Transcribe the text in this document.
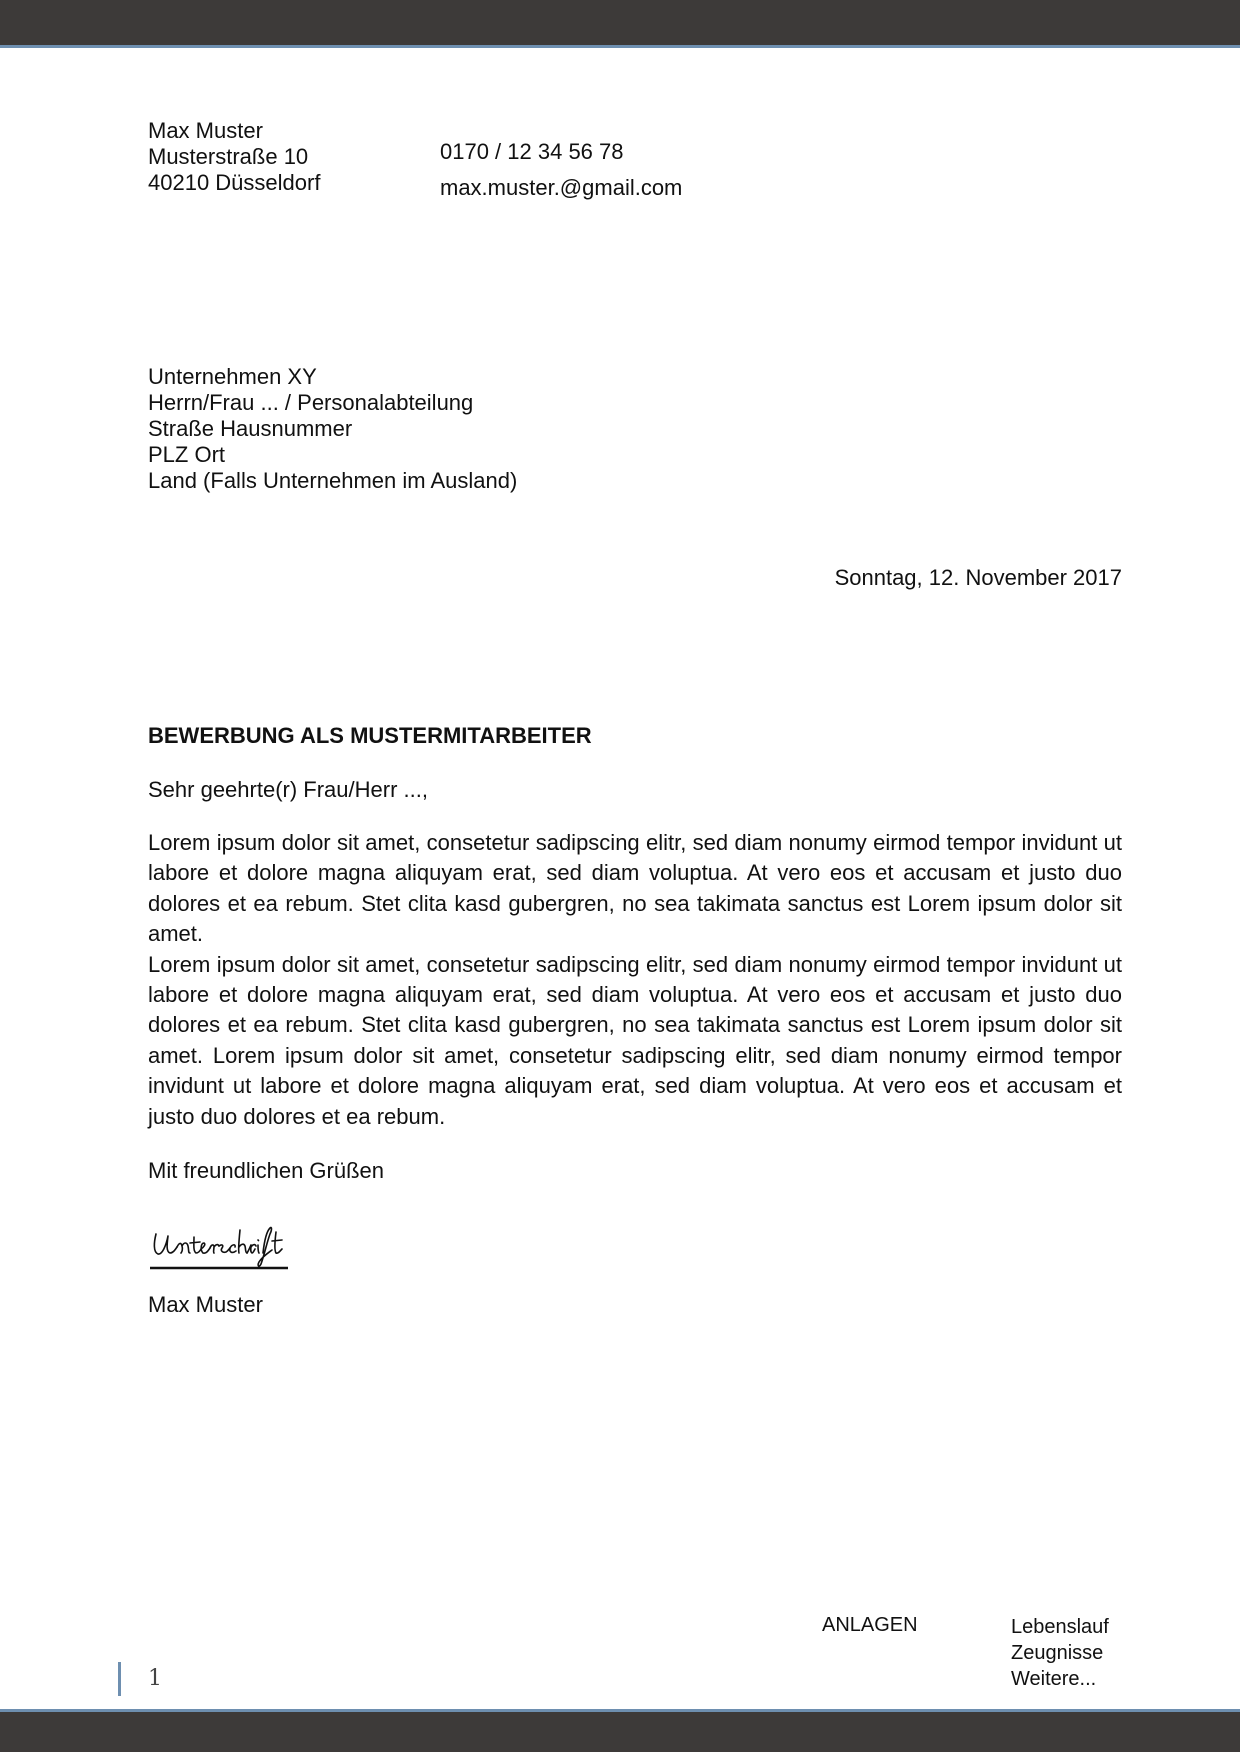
Max Muster
Musterstraße 10
40210 Düsseldorf
0170 / 12 34 56 78
max.muster.@gmail.com
Unternehmen XY
Herrn/Frau ... / Personalabteilung
Straße Hausnummer
PLZ Ort
Land (Falls Unternehmen im Ausland)
Sonntag, 12. November 2017
BEWERBUNG ALS MUSTERMITARBEITER
Sehr geehrte(r) Frau/Herr ...,

Lorem ipsum dolor sit amet, consetetur sadipscing elitr, sed diam nonumy eirmod tempor invidunt ut labore et dolore magna aliquyam erat, sed diam voluptua. At vero eos et accusam et justo duo dolores et ea rebum. Stet clita kasd gubergren, no sea takimata sanctus est Lorem ipsum dolor sit amet.

Lorem ipsum dolor sit amet, consetetur sadipscing elitr, sed diam nonumy eirmod tempor invidunt ut labore et dolore magna aliquyam erat, sed diam voluptua. At vero eos et accusam et justo duo dolores et ea rebum. Stet clita kasd gubergren, no sea takimata sanctus est Lorem ipsum dolor sit amet. Lorem ipsum dolor sit amet, consetetur sadipscing elitr, sed diam nonumy eirmod tempor invidunt ut labore et dolore magna aliquyam erat, sed diam voluptua. At vero eos et accusam et justo duo dolores et ea rebum.

Mit freundlichen Grüßen
Max Muster
ANLAGEN	Lebenslauf
Zeugnisse
Weitere...
1
